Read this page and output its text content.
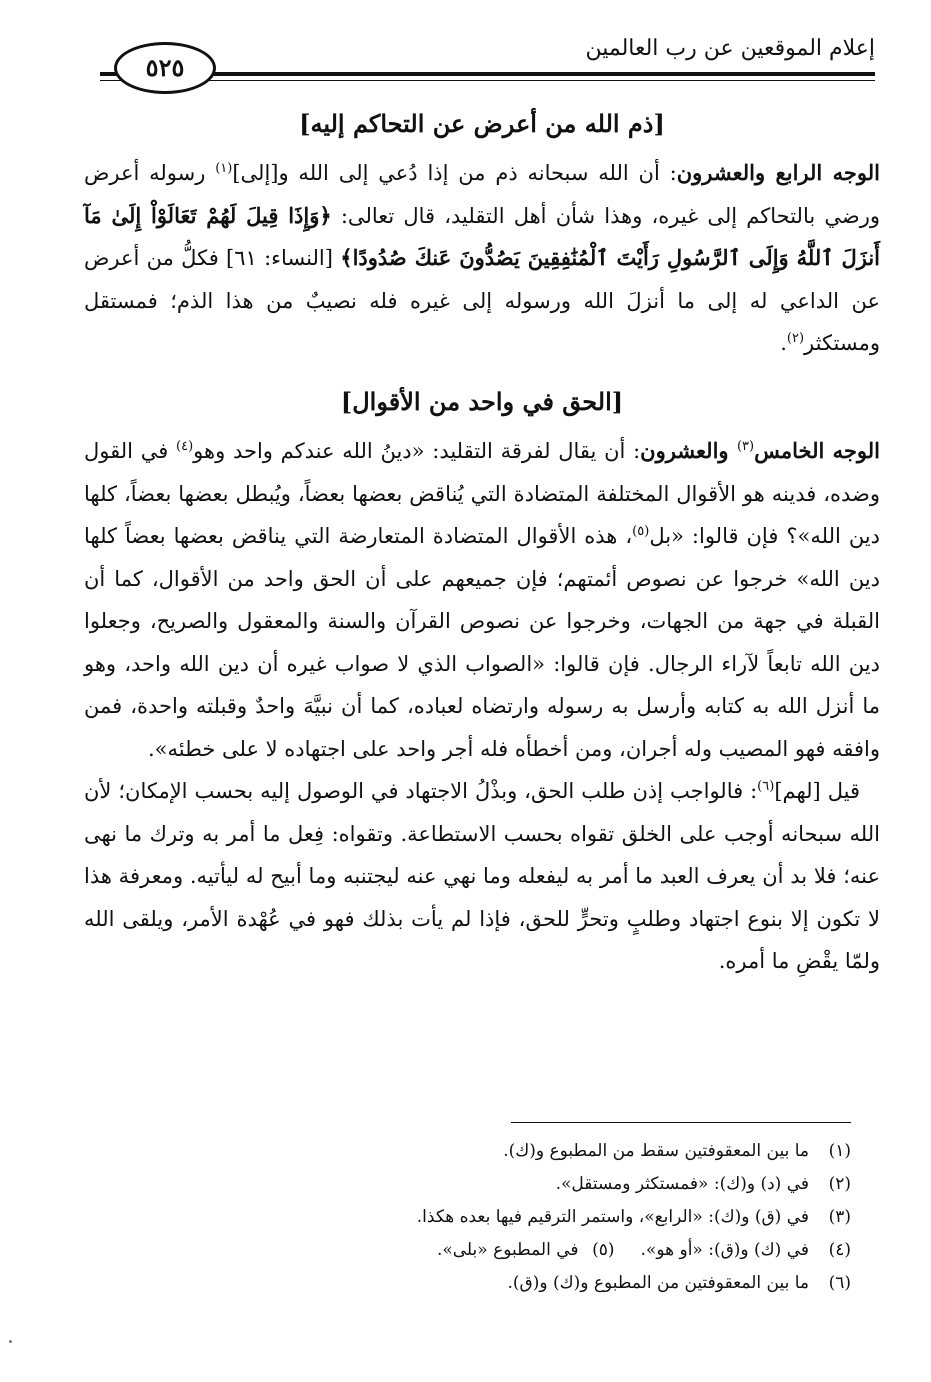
إعلام الموقعين عن رب العالمين
٥٢٥
[ذم الله من أعرض عن التحاكم إليه]

الوجه الرابع والعشرون: أن الله سبحانه ذم من إذا دُعي إلى الله و[إلى]$^{(١)}$ رسوله أعرض ورضي بالتحاكم إلى غيره، وهذا شأن أهل التقليد، قال تعالى: ﴿وَإِذَا قِيلَ لَهُمْ تَعَالَوْاْ إِلَىٰ مَآ أَنزَلَ ٱللَّهُ وَإِلَى ٱلرَّسُولِ رَأَيْتَ ٱلْمُنَٰفِقِينَ يَصُدُّونَ عَنكَ صُدُودًا﴾ [النساء: ٦١] فكلُّ من أعرض عن الداعي له إلى ما أنزلَ الله ورسوله إلى غيره فله نصيبٌ من هذا الذم؛ فمستقل ومستكثر$^{(٢)}$.

[الحق في واحد من الأقوال]

الوجه الخامس$^{(٣)}$ والعشرون: أن يقال لفرقة التقليد: «دينُ الله عندكم واحد وهو$^{(٤)}$ في القول وضده، فدينه هو الأقوال المختلفة المتضادة التي يُناقض بعضها بعضاً، ويُبطل بعضها بعضاً، كلها دين الله»؟ فإن قالوا: «بل$^{(٥)}$، هذه الأقوال المتضادة المتعارضة التي يناقض بعضها بعضاً كلها دين الله» خرجوا عن نصوص أئمتهم؛ فإن جميعهم على أن الحق واحد من الأقوال، كما أن القبلة في جهة من الجهات، وخرجوا عن نصوص القرآن والسنة والمعقول والصريح، وجعلوا دين الله تابعاً لآراء الرجال. فإن قالوا: «الصواب الذي لا صواب غيره أن دين الله واحد، وهو ما أنزل الله به كتابه وأرسل به رسوله وارتضاه لعباده، كما أن نبيَّهَ واحدٌ وقبلته واحدة، فمن وافقه فهو المصيب وله أجران، ومن أخطأه فله أجر واحد على اجتهاده لا على خطئه».

قيل [لهم]$^{(٦)}$: فالواجب إذن طلب الحق، وبذْلُ الاجتهاد في الوصول إليه بحسب الإمكان؛ لأن الله سبحانه أوجب على الخلق تقواه بحسب الاستطاعة. وتقواه: فِعل ما أمر به وترك ما نهى عنه؛ فلا بد أن يعرف العبد ما أمر به ليفعله وما نهي عنه ليجتنبه وما أبيح له ليأتيه. ومعرفة هذا لا تكون إلا بنوع اجتهاد وطلبٍ وتحرٍّ للحق، فإذا لم يأت بذلك فهو في عُهْدة الأمر، ويلقى الله ولمّا يقْضِ ما أمره.

(١)
ما بين المعقوفتين سقط من المطبوع و(ك).
(٢)
في (د) و(ك): «فمستكثر ومستقل».
(٣)
في (ق) و(ك): «الرابع»، واستمر الترقيم فيها بعده هكذا.
(٤)
في (ك) و(ق): «أو هو».
(٥)
في المطبوع «بلى».
(٦)
ما بين المعقوفتين من المطبوع و(ك) و(ق).
